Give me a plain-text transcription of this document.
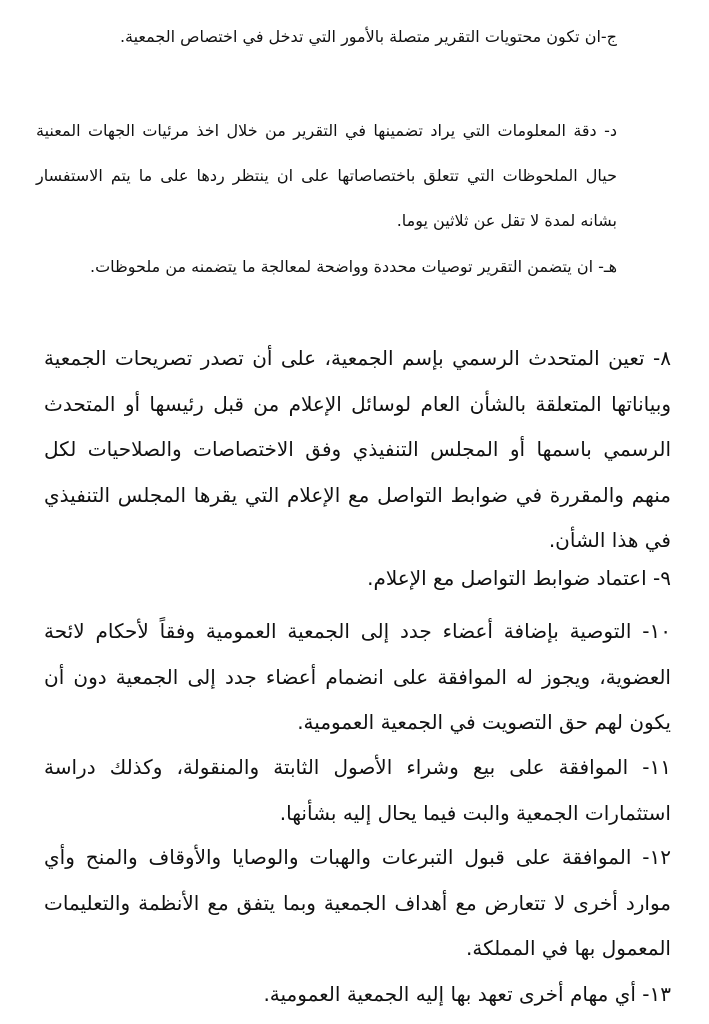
ج-ان تكون محتويات التقرير متصلة بالأمور التي تدخل في اختصاص الجمعية.
د- دقة المعلومات التي يراد تضمينها في التقرير من خلال اخذ مرئيات الجهات المعنية حيال الملحوظات التي تتعلق باختصاصاتها على ان ينتظر ردها على ما يتم الاستفسار بشانه لمدة لا تقل عن ثلاثين يوما.
هـ- ان يتضمن التقرير توصيات محددة وواضحة لمعالجة ما يتضمنه من ملحوظات.
٨- تعين المتحدث الرسمي بإسم الجمعية، على أن تصدر تصريحات الجمعية وبياناتها المتعلقة بالشأن العام لوسائل الإعلام من قبل رئيسها أو المتحدث الرسمي باسمها أو المجلس التنفيذي وفق الاختصاصات والصلاحيات لكل منهم والمقررة في ضوابط التواصل مع الإعلام التي يقرها المجلس التنفيذي في هذا الشأن.
٩- اعتماد ضوابط التواصل مع الإعلام.
١٠- التوصية بإضافة أعضاء جدد إلى الجمعية العمومية وفقاً لأحكام لائحة العضوية، ويجوز له الموافقة على انضمام أعضاء جدد إلى الجمعية دون أن يكون لهم حق التصويت في الجمعية العمومية.
١١- الموافقة على بيع وشراء الأصول الثابتة والمنقولة، وكذلك دراسة استثمارات الجمعية والبت فيما يحال إليه بشأنها.
١٢- الموافقة على قبول التبرعات والهبات والوصايا والأوقاف والمنح وأي موارد أخرى لا تتعارض مع أهداف الجمعية وبما يتفق مع الأنظمة والتعليمات المعمول بها في المملكة.
١٣- أي مهام أخرى تعهد بها إليه الجمعية العمومية.
